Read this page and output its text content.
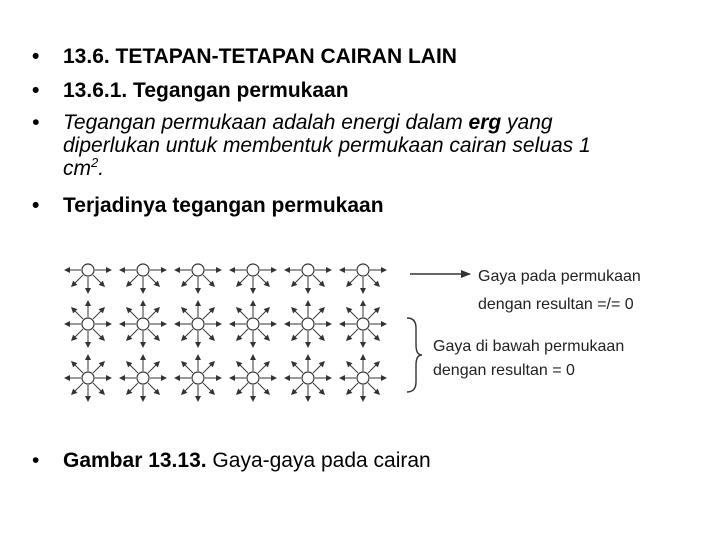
• 13.6. TETAPAN-TETAPAN CAIRAN LAIN
• 13.6.1. Tegangan permukaan
• Tegangan permukaan adalah energi dalam erg yang
diperlukan untuk membentuk permukaan cairan seluas 1
$cm^2$.
• Terjadinya tegangan permukaan
Gaya pada permukaan
dengan resultan =/= 0
Gaya di bawah permukaan
dengan resultan = 0
• Gambar 13.13. Gaya-gaya pada cairan
